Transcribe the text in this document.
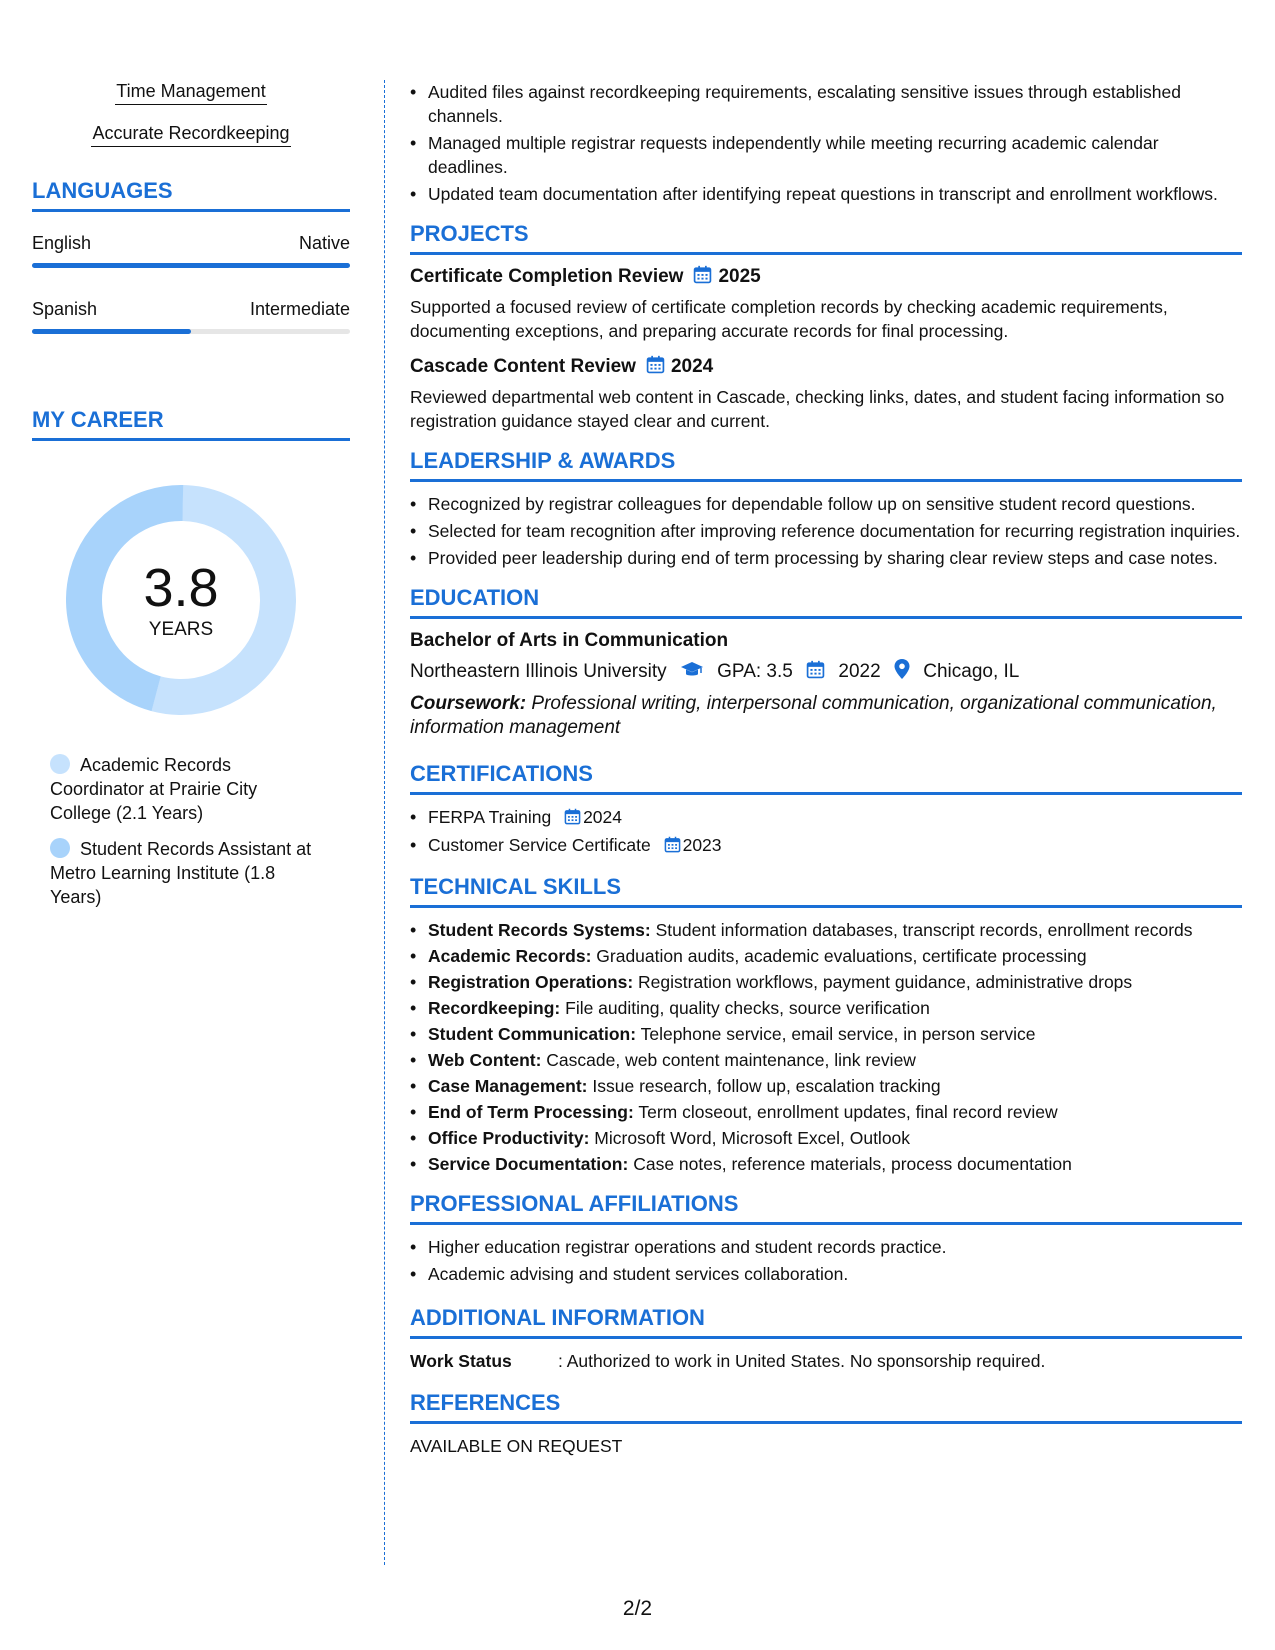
Time Management
Accurate Recordkeeping
LANGUAGES
English	Native
Spanish	Intermediate
MY CAREER
3.8
YEARS
Academic Records Coordinator at Prairie City College (2.1 Years)
Student Records Assistant at Metro Learning Institute (1.8 Years)
• Audited files against recordkeeping requirements, escalating sensitive issues through established channels.
• Managed multiple registrar requests independently while meeting recurring academic calendar deadlines.
• Updated team documentation after identifying repeat questions in transcript and enrollment workflows.
PROJECTS
Certificate Completion Review 2025
Supported a focused review of certificate completion records by checking academic requirements, documenting exceptions, and preparing accurate records for final processing.
Cascade Content Review 2024
Reviewed departmental web content in Cascade, checking links, dates, and student facing information so registration guidance stayed clear and current.
LEADERSHIP & AWARDS
• Recognized by registrar colleagues for dependable follow up on sensitive student record questions.
• Selected for team recognition after improving reference documentation for recurring registration inquiries.
• Provided peer leadership during end of term processing by sharing clear review steps and case notes.
EDUCATION
Bachelor of Arts in Communication
Northeastern Illinois University	GPA: 3.5 2022 Chicago, IL
Coursework: Professional writing, interpersonal communication, organizational communication, information management
CERTIFICATIONS
• FERPA Training 2024
• Customer Service Certificate 2023
TECHNICAL SKILLS
• Student Records Systems: Student information databases, transcript records, enrollment records
• Academic Records: Graduation audits, academic evaluations, certificate processing
• Registration Operations: Registration workflows, payment guidance, administrative drops
• Recordkeeping: File auditing, quality checks, source verification
• Student Communication: Telephone service, email service, in person service
• Web Content: Cascade, web content maintenance, link review
• Case Management: Issue research, follow up, escalation tracking
• End of Term Processing: Term closeout, enrollment updates, final record review
• Office Productivity: Microsoft Word, Microsoft Excel, Outlook
• Service Documentation: Case notes, reference materials, process documentation
PROFESSIONAL AFFILIATIONS
• Higher education registrar operations and student records practice.
• Academic advising and student services collaboration.
ADDITIONAL INFORMATION
Work Status	: Authorized to work in United States. No sponsorship required.
REFERENCES
AVAILABLE ON REQUEST
2/2
